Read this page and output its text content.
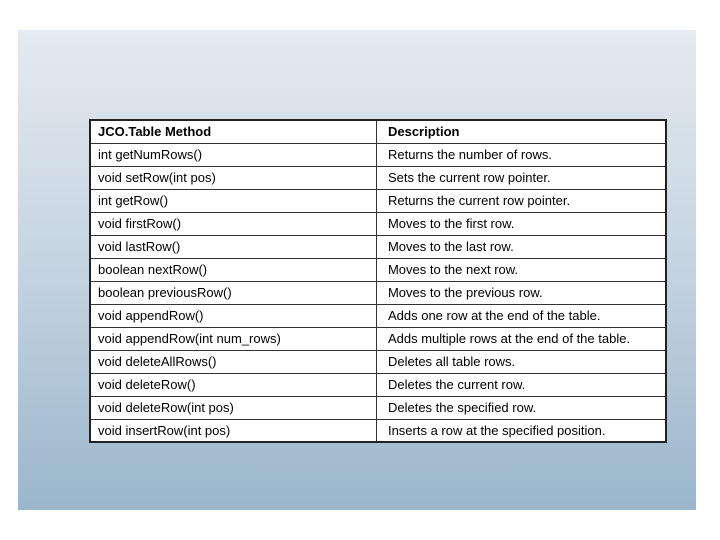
JCO.Table Method	Description
int getNumRows()	Returns the number of rows.
void setRow(int pos)	Sets the current row pointer.
int getRow()	Returns the current row pointer.
void firstRow()	Moves to the first row.
void lastRow()	Moves to the last row.
boolean nextRow()	Moves to the next row.
boolean previousRow()	Moves to the previous row.
void appendRow()	Adds one row at the end of the table.
void appendRow(int num_rows)	Adds multiple rows at the end of the table.
void deleteAllRows()	Deletes all table rows.
void deleteRow()	Deletes the current row.
void deleteRow(int pos)	Deletes the specified row.
void insertRow(int pos)	Inserts a row at the specified position.
